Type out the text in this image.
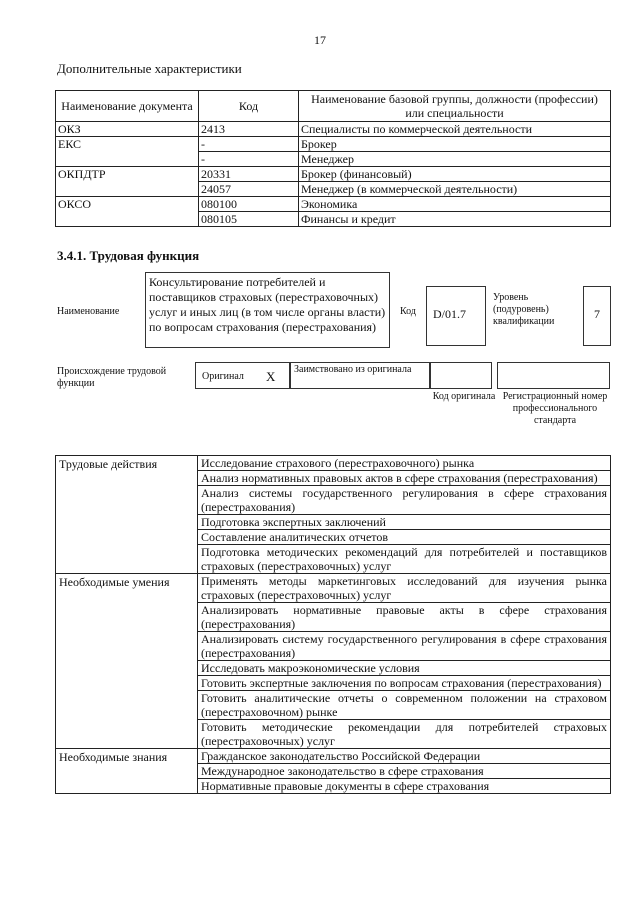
17
Дополнительные характеристики
Наименование документа	Код	Наименование базовой группы, должности (профессии) или специальности
ОКЗ	2413	Специалисты по коммерческой деятельности
ЕКС	-	Брокер
	-	Менеджер
ОКПДТР	20331	Брокер (финансовый)
	24057	Менеджер (в коммерческой деятельности)
ОКСО	080100	Экономика
	080105	Финансы и кредит
3.4.1. Трудовая функция
Наименование
Консультирование потребителей и поставщиков страховых (перестраховочных) услуг и иных лиц (в том числе органы власти) по вопросам страхования (перестрахования)
Код	D/01.7
Уровень (подуровень) квалификации
7
Происхождение трудовой функции
Оригинал X Заимствовано из оригинала
Код оригинала Регистрационный номер профессионального стандарта
Трудовые действия	Исследование страхового (перестраховочного) рынка
	Анализ нормативных правовых актов в сфере страхования (перестрахования)
	Анализ системы государственного регулирования в сфере страхования (перестрахования)
	Подготовка экспертных заключений
	Составление аналитических отчетов
	Подготовка методических рекомендаций для потребителей и поставщиков страховых (перестраховочных) услуг
Необходимые умения	Применять методы маркетинговых исследований для изучения рынка страховых (перестраховочных) услуг
	Анализировать нормативные правовые акты в сфере страхования (перестрахования)
	Анализировать систему государственного регулирования в сфере страхования (перестрахования)
	Исследовать макроэкономические условия
	Готовить экспертные заключения по вопросам страхования (перестрахования)
	Готовить аналитические отчеты о современном положении на страховом (перестраховочном) рынке
	Готовить методические рекомендации для потребителей страховых (перестраховочных) услуг
Необходимые знания	Гражданское законодательство Российской Федерации
	Международное законодательство в сфере страхования
	Нормативные правовые документы в сфере страхования
